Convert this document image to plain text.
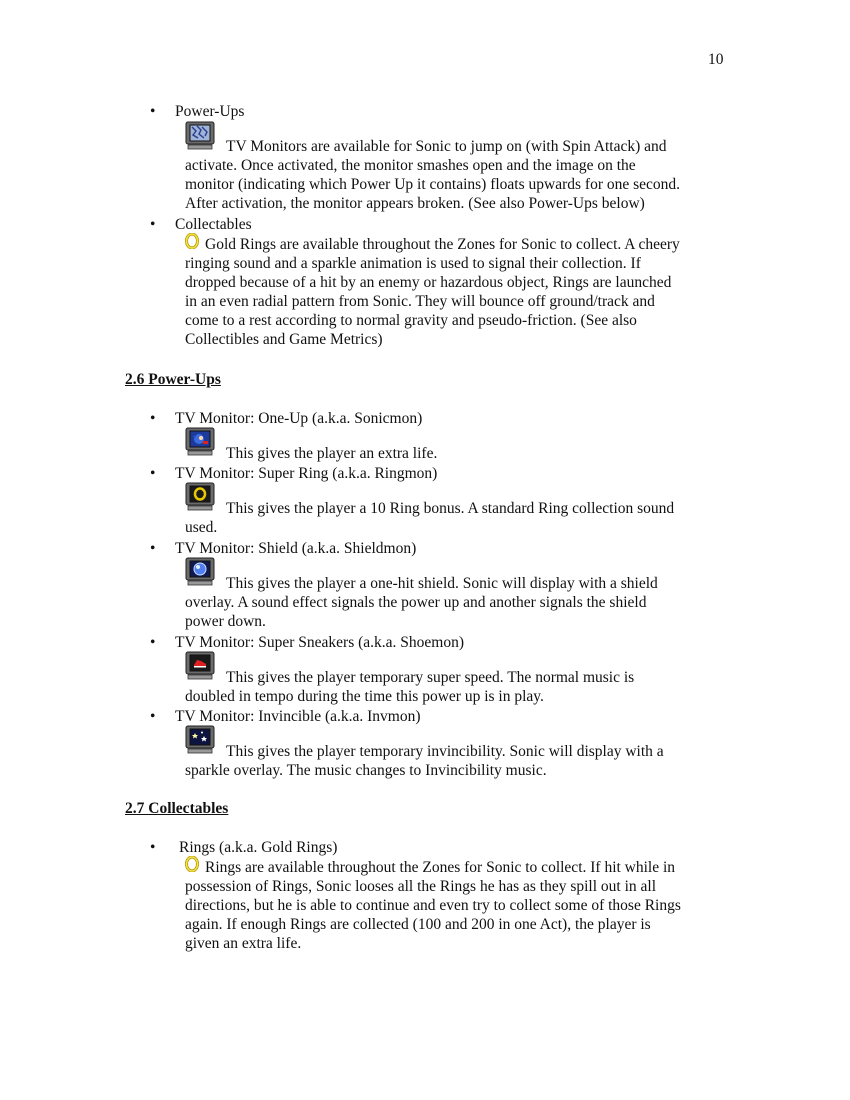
10
• Power-Ups
TV Monitors are available for Sonic to jump on (with Spin Attack) and
activate. Once activated, the monitor smashes open and the image on the
monitor (indicating which Power Up it contains) floats upwards for one second.
After activation, the monitor appears broken. (See also Power-Ups below)
• Collectables
Gold Rings are available throughout the Zones for Sonic to collect. A cheery
ringing sound and a sparkle animation is used to signal their collection. If
dropped because of a hit by an enemy or hazardous object, Rings are launched
in an even radial pattern from Sonic. They will bounce off ground/track and
come to a rest according to normal gravity and pseudo-friction. (See also
Collectibles and Game Metrics)
2.6 Power-Ups
• TV Monitor: One-Up (a.k.a. Sonicmon)
This gives the player an extra life.
• TV Monitor: Super Ring (a.k.a. Ringmon)
This gives the player a 10 Ring bonus. A standard Ring collection sound
used.
• TV Monitor: Shield (a.k.a. Shieldmon)
This gives the player a one-hit shield. Sonic will display with a shield
overlay. A sound effect signals the power up and another signals the shield
power down.
• TV Monitor: Super Sneakers (a.k.a. Shoemon)
This gives the player temporary super speed. The normal music is
doubled in tempo during the time this power up is in play.
• TV Monitor: Invincible (a.k.a. Invmon)
This gives the player temporary invincibility. Sonic will display with a
sparkle overlay. The music changes to Invincibility music.
2.7 Collectables
• Rings (a.k.a. Gold Rings)
Rings are available throughout the Zones for Sonic to collect. If hit while in
possession of Rings, Sonic looses all the Rings he has as they spill out in all
directions, but he is able to continue and even try to collect some of those Rings
again. If enough Rings are collected (100 and 200 in one Act), the player is
given an extra life.
